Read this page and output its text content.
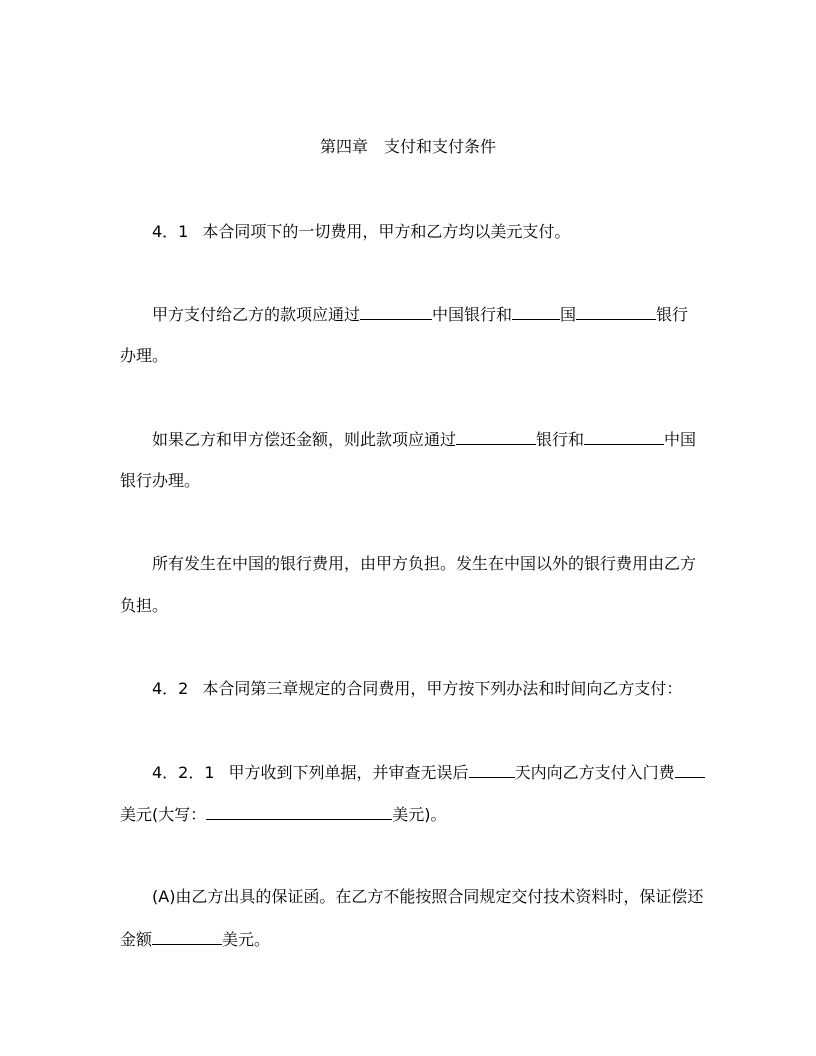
第四章　支付和支付条件
4．1 本合同项下的一切费用，甲方和乙方均以美元支付。
甲方支付给乙方的款项应通过	中国银行和	国	银行
办理。
如果乙方和甲方偿还金额，则此款项应通过	银行和	中国
银行办理。
所有发生在中国的银行费用，由甲方负担。发生在中国以外的银行费用由乙方
负担。
4．2 本合同第三章规定的合同费用，甲方按下列办法和时间向乙方支付：
4．2．1 甲方收到下列单据，并审查无误后	天内向乙方支付入门费
美元(大写：	美元)。
(A)由乙方出具的保证函。在乙方不能按照合同规定交付技术资料时，保证偿还
金额	美元。
